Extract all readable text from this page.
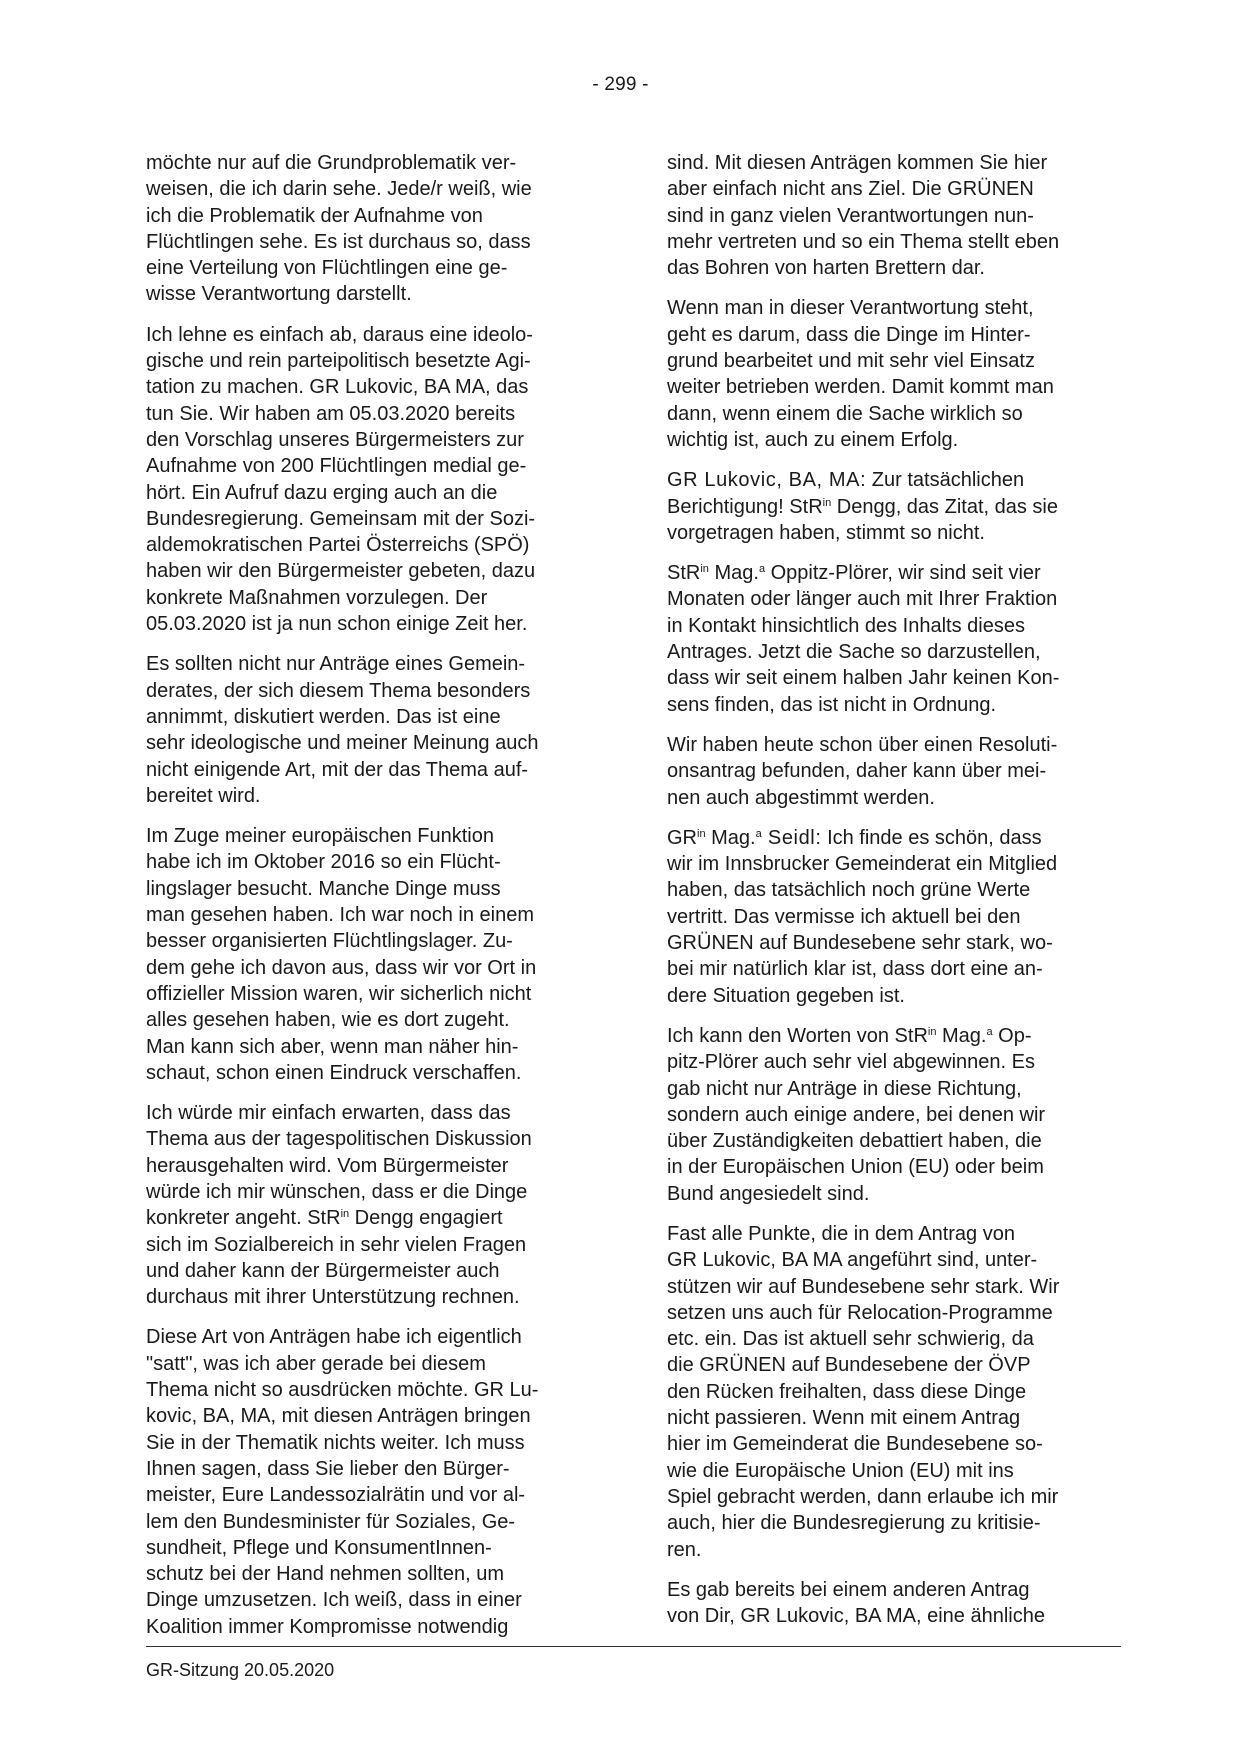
- 299 -
möchte nur auf die Grundproblematik ver-
weisen, die ich darin sehe. Jede/r weiß, wie
ich die Problematik der Aufnahme von
Flüchtlingen sehe. Es ist durchaus so, dass
eine Verteilung von Flüchtlingen eine ge-
wisse Verantwortung darstellt.
Ich lehne es einfach ab, daraus eine ideolo-
gische und rein parteipolitisch besetzte Agi-
tation zu machen. GR Lukovic, BA MA, das
tun Sie. Wir haben am 05.03.2020 bereits
den Vorschlag unseres Bürgermeisters zur
Aufnahme von 200 Flüchtlingen medial ge-
hört. Ein Aufruf dazu erging auch an die
Bundesregierung. Gemeinsam mit der Sozi-
aldemokratischen Partei Österreichs (SPÖ)
haben wir den Bürgermeister gebeten, dazu
konkrete Maßnahmen vorzulegen. Der
05.03.2020 ist ja nun schon einige Zeit her.
Es sollten nicht nur Anträge eines Gemein-
derates, der sich diesem Thema besonders
annimmt, diskutiert werden. Das ist eine
sehr ideologische und meiner Meinung auch
nicht einigende Art, mit der das Thema auf-
bereitet wird.
Im Zuge meiner europäischen Funktion
habe ich im Oktober 2016 so ein Flücht-
lingslager besucht. Manche Dinge muss
man gesehen haben. Ich war noch in einem
besser organisierten Flüchtlingslager. Zu-
dem gehe ich davon aus, dass wir vor Ort in
offizieller Mission waren, wir sicherlich nicht
alles gesehen haben, wie es dort zugeht.
Man kann sich aber, wenn man näher hin-
schaut, schon einen Eindruck verschaffen.
Ich würde mir einfach erwarten, dass das
Thema aus der tagespolitischen Diskussion
herausgehalten wird. Vom Bürgermeister
würde ich mir wünschen, dass er die Dinge
konkreter angeht. StR$^{in}$ Dengg engagiert
sich im Sozialbereich in sehr vielen Fragen
und daher kann der Bürgermeister auch
durchaus mit ihrer Unterstützung rechnen.
Diese Art von Anträgen habe ich eigentlich
"satt", was ich aber gerade bei diesem
Thema nicht so ausdrücken möchte. GR Lu-
kovic, BA, MA, mit diesen Anträgen bringen
Sie in der Thematik nichts weiter. Ich muss
Ihnen sagen, dass Sie lieber den Bürger-
meister, Eure Landessozialrätin und vor al-
lem den Bundesminister für Soziales, Ge-
sundheit, Pflege und KonsumentInnen-
schutz bei der Hand nehmen sollten, um
Dinge umzusetzen. Ich weiß, dass in einer
Koalition immer Kompromisse notwendig
sind. Mit diesen Anträgen kommen Sie hier
aber einfach nicht ans Ziel. Die GRÜNEN
sind in ganz vielen Verantwortungen nun-
mehr vertreten und so ein Thema stellt eben
das Bohren von harten Brettern dar.
Wenn man in dieser Verantwortung steht,
geht es darum, dass die Dinge im Hinter-
grund bearbeitet und mit sehr viel Einsatz
weiter betrieben werden. Damit kommt man
dann, wenn einem die Sache wirklich so
wichtig ist, auch zu einem Erfolg.
GR Lukovic, BA, MA: Zur tatsächlichen
Berichtigung! StR$^{in}$ Dengg, das Zitat, das sie
vorgetragen haben, stimmt so nicht.
StR$^{in}$ Mag.$^a$ Oppitz-Plörer, wir sind seit vier
Monaten oder länger auch mit Ihrer Fraktion
in Kontakt hinsichtlich des Inhalts dieses
Antrages. Jetzt die Sache so darzustellen,
dass wir seit einem halben Jahr keinen Kon-
sens finden, das ist nicht in Ordnung.
Wir haben heute schon über einen Resoluti-
onsantrag befunden, daher kann über mei-
nen auch abgestimmt werden.
$GR^{in}$ Mag.$^a$ Seidl: Ich finde es schön, dass
wir im Innsbrucker Gemeinderat ein Mitglied
haben, das tatsächlich noch grüne Werte
vertritt. Das vermisse ich aktuell bei den
GRÜNEN auf Bundesebene sehr stark, wo-
bei mir natürlich klar ist, dass dort eine an-
dere Situation gegeben ist.
Ich kann den Worten von StR$^{in}$ Mag.$^a$ Op-
pitz-Plörer auch sehr viel abgewinnen. Es
gab nicht nur Anträge in diese Richtung,
sondern auch einige andere, bei denen wir
über Zuständigkeiten debattiert haben, die
in der Europäischen Union (EU) oder beim
Bund angesiedelt sind.
Fast alle Punkte, die in dem Antrag von
GR Lukovic, BA MA angeführt sind, unter-
stützen wir auf Bundesebene sehr stark. Wir
setzen uns auch für Relocation-Programme
etc. ein. Das ist aktuell sehr schwierig, da
die GRÜNEN auf Bundesebene der ÖVP
den Rücken freihalten, dass diese Dinge
nicht passieren. Wenn mit einem Antrag
hier im Gemeinderat die Bundesebene so-
wie die Europäische Union (EU) mit ins
Spiel gebracht werden, dann erlaube ich mir
auch, hier die Bundesregierung zu kritisie-
ren.
Es gab bereits bei einem anderen Antrag
von Dir, GR Lukovic, BA MA, eine ähnliche
GR-Sitzung 20.05.2020
